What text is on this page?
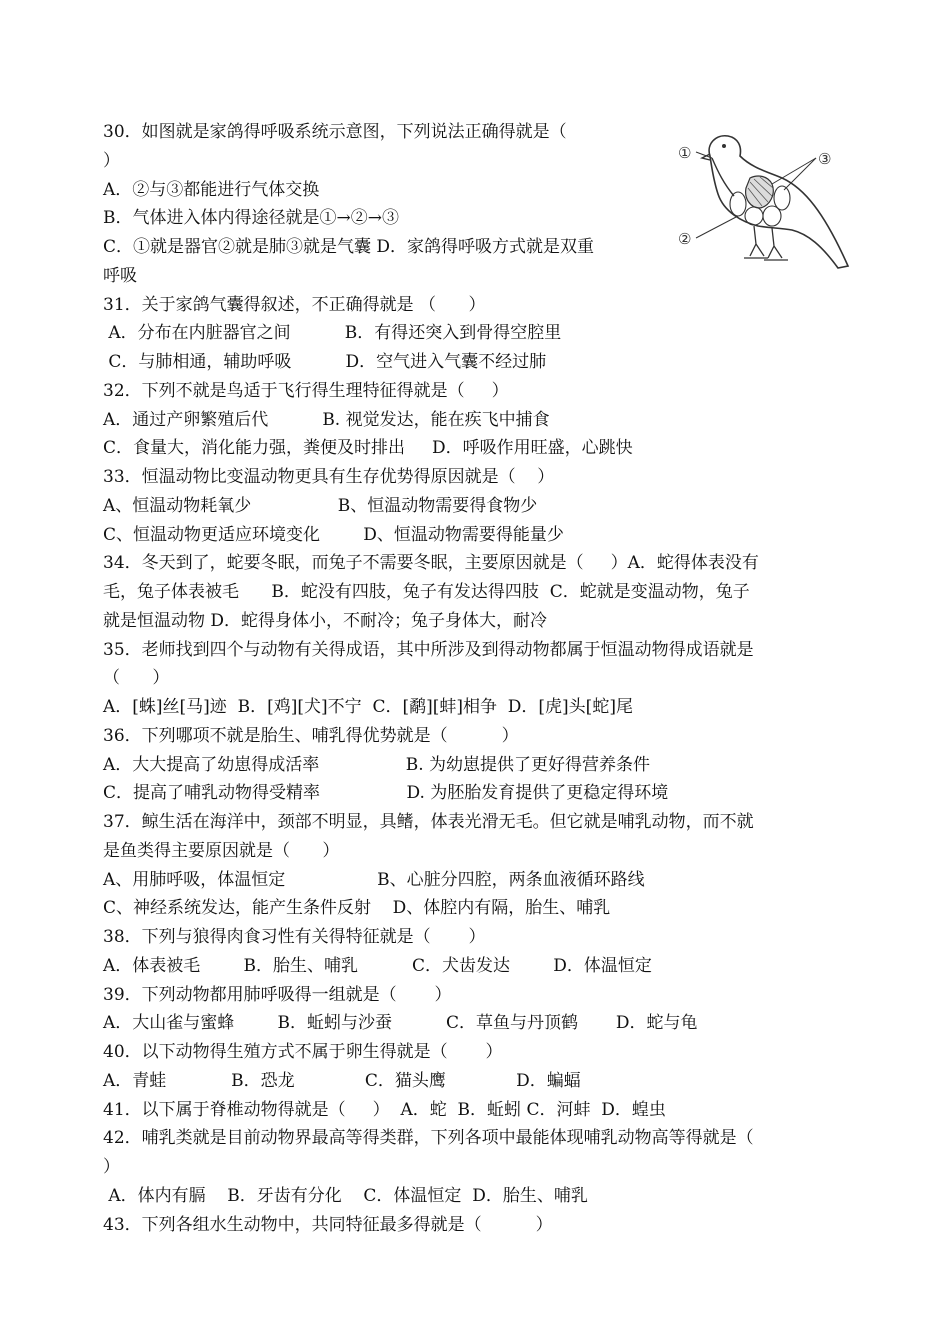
30．如图就是家鸽得呼吸系统示意图，下列说法正确得就是（
）
A．②与③都能进行气体交换
B．气体进入体内得途径就是①→②→③
C．①就是器官②就是肺③就是气囊 D．家鸽得呼吸方式就是双重
呼吸
31．关于家鸽气囊得叙述，不正确得就是 （      ）
A．分布在内脏器官之间          B．有得还突入到骨得空腔里
C．与肺相通，辅助呼吸          D．空气进入气囊不经过肺
32．下列不就是鸟适于飞行得生理特征得就是（     ）
A．通过产卵繁殖后代          B. 视觉发达，能在疾飞中捕食
C．食量大，消化能力强，粪便及时排出     D．呼吸作用旺盛，心跳快
33．恒温动物比变温动物更具有生存优势得原因就是（    ）
A、恒温动物耗氧少                B、恒温动物需要得食物少
C、恒温动物更适应环境变化        D、恒温动物需要得能量少
34．冬天到了，蛇要冬眠，而兔子不需要冬眠，主要原因就是（     ）A．蛇得体表没有
毛，兔子体表被毛      B．蛇没有四肢，兔子有发达得四肢  C．蛇就是变温动物，兔子
就是恒温动物 D．蛇得身体小，不耐冷；兔子身体大，耐冷
35．老师找到四个与动物有关得成语，其中所涉及到得动物都属于恒温动物得成语就是
（      ）
A．[蛛]丝[马]迹  B．[鸡][犬]不宁  C．[鹬][蚌]相争  D．[虎]头[蛇]尾
36．下列哪项不就是胎生、哺乳得优势就是（          ）
A．大大提高了幼崽得成活率                B. 为幼崽提供了更好得营养条件
C．提高了哺乳动物得受精率                D. 为胚胎发育提供了更稳定得环境
37．鲸生活在海洋中，颈部不明显，具鳍，体表光滑无毛。但它就是哺乳动物，而不就
是鱼类得主要原因就是（      ）
A、用肺呼吸，体温恒定                 B、心脏分四腔，两条血液循环路线
C、神经系统发达，能产生条件反射    D、体腔内有隔，胎生、哺乳
38．下列与狼得肉食习性有关得特征就是（       ）
A．体表被毛        B．胎生、哺乳          C．犬齿发达        D．体温恒定
39．下列动物都用肺呼吸得一组就是（       ）
A．大山雀与蜜蜂        B．蚯蚓与沙蚕          C．草鱼与丹顶鹤       D．蛇与龟
40．以下动物得生殖方式不属于卵生得就是（       ）
A．青蛙            B．恐龙             C．猫头鹰             D．蝙蝠
41．以下属于脊椎动物得就是（     ）  A．蛇  B．蚯蚓 C．河蚌  D．蝗虫
42．哺乳类就是目前动物界最高等得类群，下列各项中最能体现哺乳动物高等得就是（
）
A．体内有膈    B．牙齿有分化    C．体温恒定  D．胎生、哺乳
43．下列各组水生动物中，共同特征最多得就是（          ）
①
②
③
